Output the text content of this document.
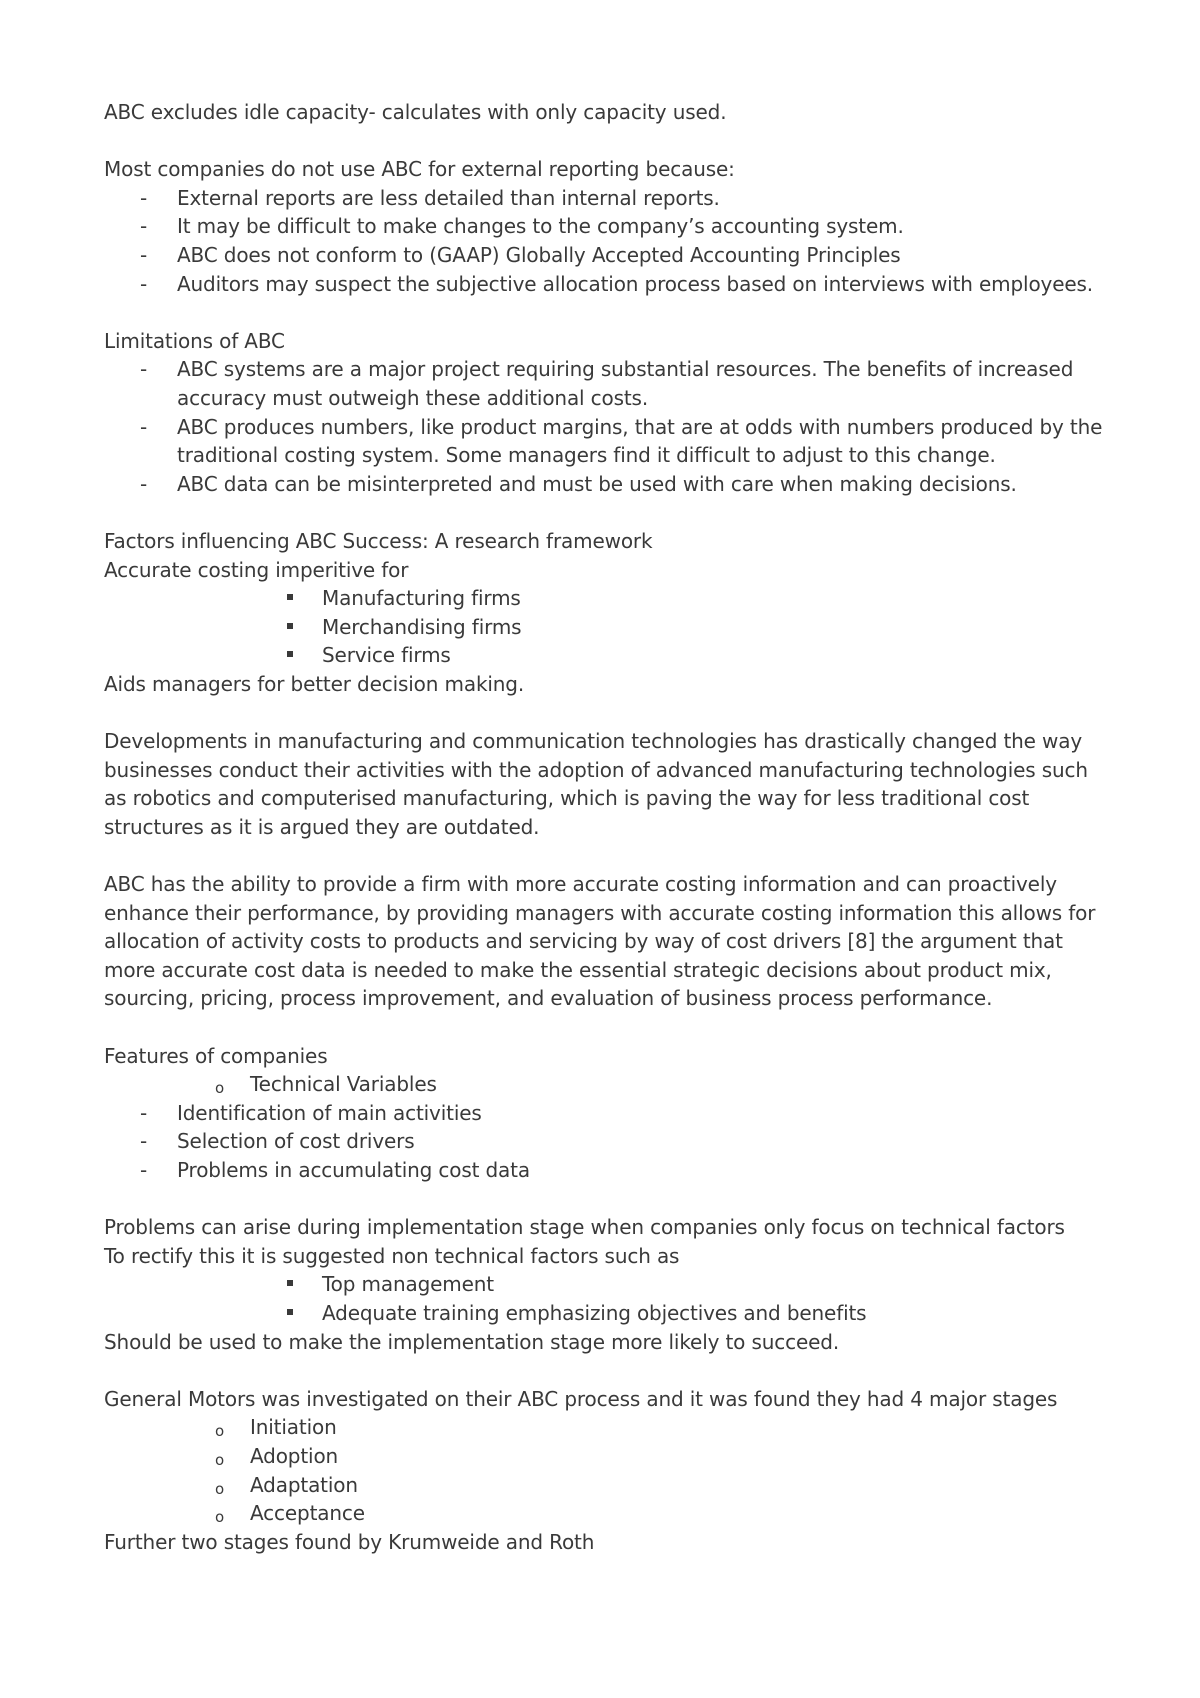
ABC excludes idle capacity- calculates with only capacity used.

Most companies do not use ABC for external reporting because:

- External reports are less detailed than internal reports.
- It may be difficult to make changes to the company’s accounting system.
- ABC does not conform to (GAAP) Globally Accepted Accounting Principles
- Auditors may suspect the subjective allocation process based on interviews with employees.

Limitations of ABC

- ABC systems are a major project requiring substantial resources. The benefits of increased accuracy must outweigh these additional costs.
- ABC produces numbers, like product margins, that are at odds with numbers produced by the traditional costing system. Some managers find it difficult to adjust to this change.
- ABC data can be misinterpreted and must be used with care when making decisions.

Factors influencing ABC Success: A research framework

Accurate costing imperitive for

Manufacturing firms
Merchandising firms
Service firms

Aids managers for better decision making.

Developments in manufacturing and communication technologies has drastically changed the way businesses conduct their activities with the adoption of advanced manufacturing technologies such as robotics and computerised manufacturing, which is paving the way for less traditional cost structures as it is argued they are outdated.

ABC has the ability to provide a firm with more accurate costing information and can proactively enhance their performance, by providing managers with accurate costing information this allows for allocation of activity costs to products and servicing by way of cost drivers [8] the argument that more accurate cost data is needed to make the essential strategic decisions about product mix, sourcing, pricing, process improvement, and evaluation of business process performance.

Features of companies

o Technical Variables
- Identification of main activities
- Selection of cost drivers
- Problems in accumulating cost data

Problems can arise during implementation stage when companies only focus on technical factors

To rectify this it is suggested non technical factors such as

Top management
Adequate training emphasizing objectives and benefits

Should be used to make the implementation stage more likely to succeed.

General Motors was investigated on their ABC process and it was found they had 4 major stages

o Initiation
o Adoption
o Adaptation
o Acceptance

Further two stages found by Krumweide and Roth
